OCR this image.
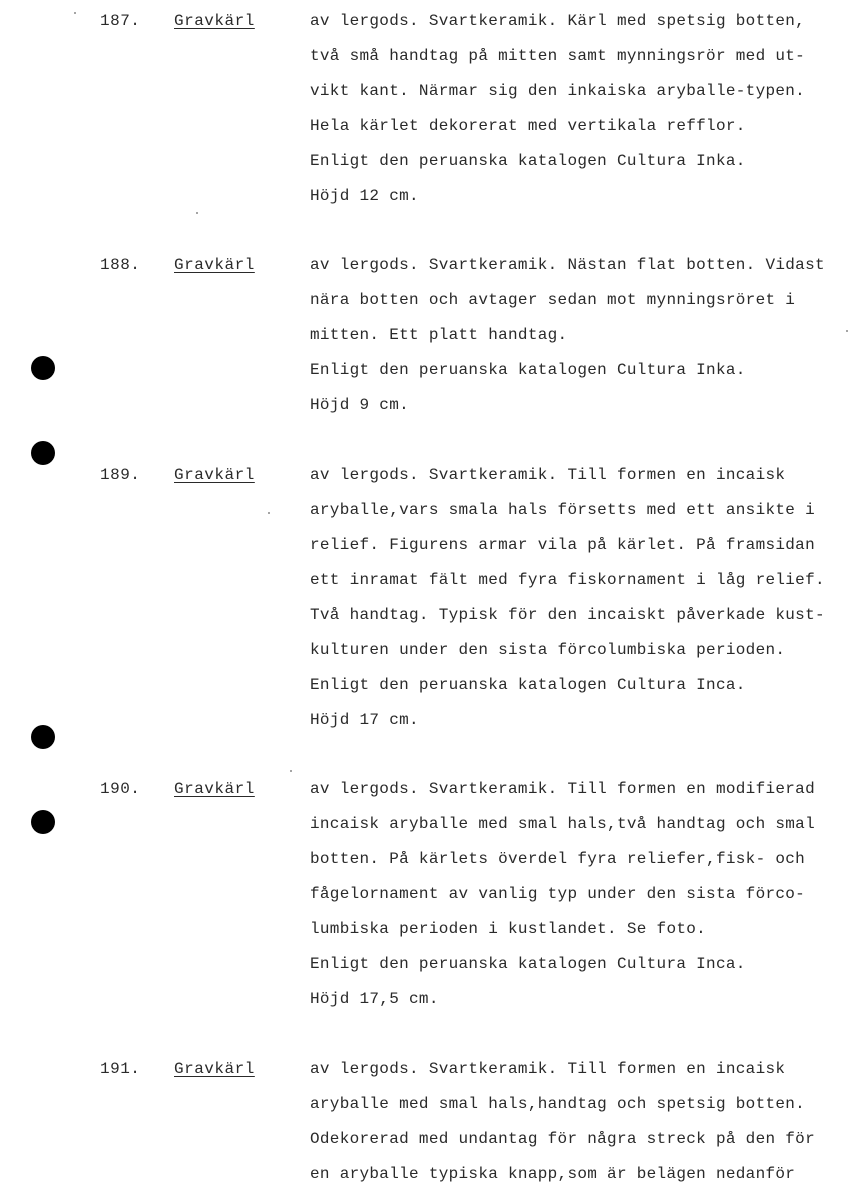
187. Gravkärl	av lergods. Svartkeramik. Kärl med spetsig botten,
två små handtag på mitten samt mynningsrör med ut-
vikt kant. Närmar sig den inkaiska aryballe-typen.
Hela kärlet dekorerat med vertikala refflor.
Enligt den peruanska katalogen Cultura Inka.
Höjd 12 cm.
188. Gravkärl	av lergods. Svartkeramik. Nästan flat botten. Vidast
nära botten och avtager sedan mot mynningsröret i
mitten. Ett platt handtag.
Enligt den peruanska katalogen Cultura Inka.
Höjd 9 cm.
189. Gravkärl	av lergods. Svartkeramik. Till formen en incaisk
aryballe,vars smala hals försetts med ett ansikte i
relief. Figurens armar vila på kärlet. På framsidan
ett inramat fält med fyra fiskornament i låg relief.
Två handtag. Typisk för den incaiskt påverkade kust-
kulturen under den sista förcolumbiska perioden.
Enligt den peruanska katalogen Cultura Inca.
Höjd 17 cm.
190. Gravkärl	av lergods. Svartkeramik. Till formen en modifierad
incaisk aryballe med smal hals,två handtag och smal
botten. På kärlets överdel fyra reliefer,fisk- och
fågelornament av vanlig typ under den sista förco-
lumbiska perioden i kustlandet. Se foto.
Enligt den peruanska katalogen Cultura Inca.
Höjd 17,5 cm.
191. Gravkärl	av lergods. Svartkeramik. Till formen en incaisk
aryballe med smal hals,handtag och spetsig botten.
Odekorerad med undantag för några streck på den för
en aryballe typiska knapp,som är belägen nedanför
